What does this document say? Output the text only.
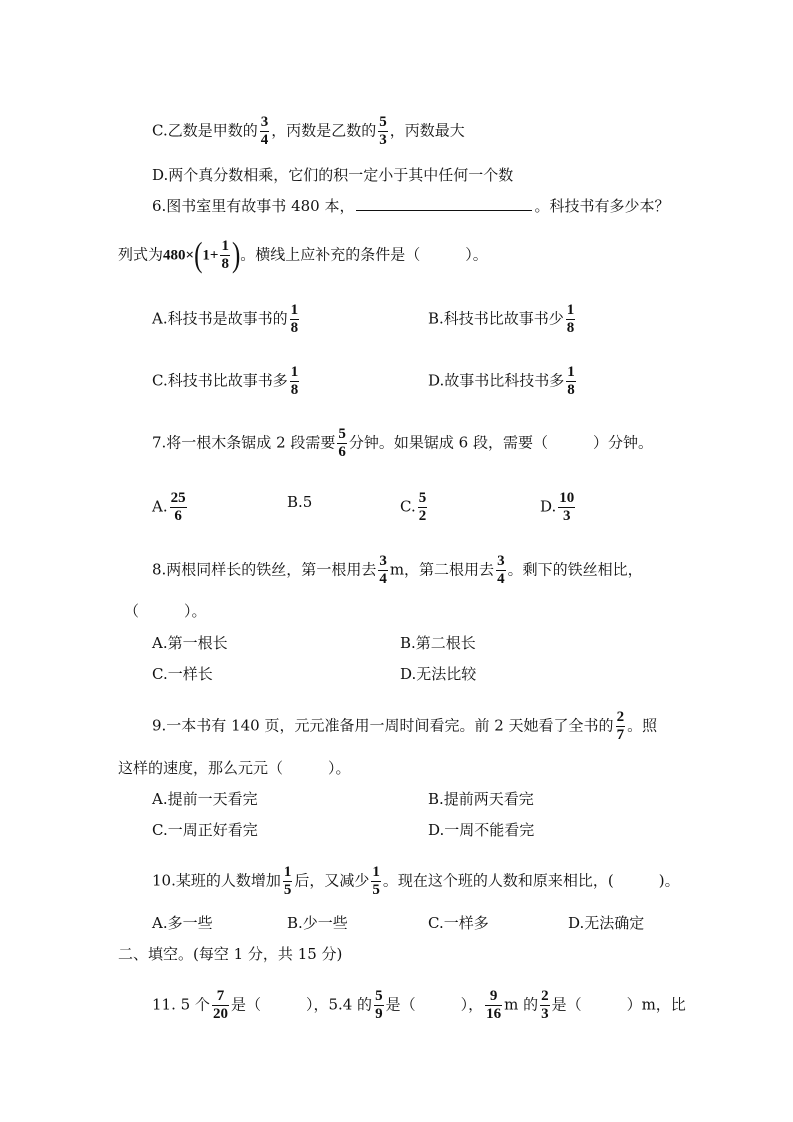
C.乙数是甲数的 $\frac{3}{4}$ ，丙数是乙数的 $\frac{5}{3}$ ，丙数最大
D.两个真分数相乘，它们的积一定小于其中任何一个数
6.图书室里有故事书 480 本，	。科技书有多少本？
列式为$480\times(1+ \frac{1}{8}$ )。横线上应补充的条件是（　　　）。
A.科技书是故事书的 $\frac{1}{8}$	B.科技书比故事书少 $\frac{1}{8}$
C.科技书比故事书多 $\frac{1}{8}$	D.故事书比科技书多 $\frac{1}{8}$
7.将一根木条锯成 2 段需要 $\frac{5}{6}$ 分钟。如果锯成 6 段，需要（　　　）分钟。
A. $\frac{25}{6}$	B.5	C. $\frac{5}{2}$	D. $\frac{10}{3}$
8.两根同样长的铁丝，第一根用去 $\frac{3}{4}$ m，第二根用去 $\frac{3}{4}$ 。剩下的铁丝相比，
（　　　）。
A.第一根长	B.第二根长
C.一样长	D.无法比较
9.一本书有 140 页，元元准备用一周时间看完。前 2 天她看了全书的 $\frac{2}{7}$ 。照
这样的速度，那么元元（　　　）。
A.提前一天看完	B.提前两天看完
C.一周正好看完	D.一周不能看完
10.某班的人数增加 $\frac{1}{5}$ 后，又减少 $\frac{1}{5}$ 。现在这个班的人数和原来相比，(　　　)。
A.多一些	B.少一些	C.一样多	D.无法确定
二、填空。(每空 1 分，共 15 分)
11. 5 个 $\frac{7}{20}$ 是（　　　），5.4 的 $\frac{5}{9}$ 是（　　　）， $\frac{9}{16}$ m 的 $\frac{2}{3}$ 是（　　　）m，比
